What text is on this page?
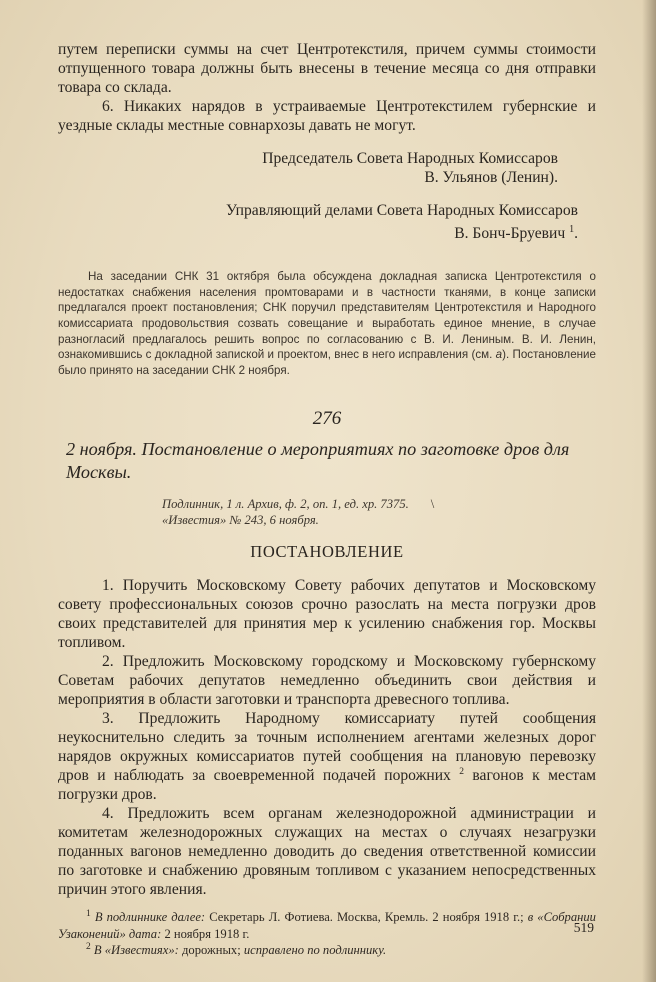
путем переписки суммы на счет Центротекстиля, причем суммы стоимости отпущенного товара должны быть внесены в течение месяца со дня отправки товара со склада.

6. Никаких нарядов в устраиваемые Центротекстилем губернские и уездные склады местные совнархозы давать не могут.

Председатель Совета Народных Комиссаров
В. Ульянов (Ленин).
Управляющий делами Совета Народных Комиссаров
В. Бонч-Бруевич $^1$.

На заседании СНК 31 октября была обсуждена докладная записка Центротекстиля о недостатках снабжения населения промтоварами и в частности тканями, в конце записки предлагался проект постановления; СНК поручил представителям Центротекстиля и Народного комиссариата продовольствия созвать совещание и выработать единое мнение, в случае разногласий предлагалось решить вопрос по согласованию с В. И. Лениным. В. И. Ленин, ознакомившись с докладной запиской и проектом, внес в него исправления (см. а). Постановление было принято на заседании СНК 2 ноября.

276

2 ноября. Постановление о мероприятиях по заготовке дров для Москвы.

Подлинник, 1 л. Архив, ф. 2, оп. 1, ед. хр. 7375. \
«Известия» № 243, 6 ноября.
ПОСТАНОВЛЕНИЕ

1. Поручить Московскому Совету рабочих депутатов и Московскому совету профессиональных союзов срочно разослать на места погрузки дров своих представителей для принятия мер к усилению снабжения гор. Москвы топливом.

2. Предложить Московскому городскому и Московскому губернскому Советам рабочих депутатов немедленно объединить свои действия и мероприятия в области заготовки и транспорта древесного топлива.

3. Предложить Народному комиссариату путей сообщения неукоснительно следить за точным исполнением агентами железных дорог нарядов окружных комиссариатов путей сообщения на плановую перевозку дров и наблюдать за своевременной подачей порожних $^2$ вагонов к местам погрузки дров.

4. Предложить всем органам железнодорожной администрации и комитетам железнодорожных служащих на местах о случаях незагрузки поданных вагонов немедленно доводить до сведения ответственной комиссии по заготовке и снабжению дровяным топливом с указанием непосредственных причин этого явления.

$^1$ В подлиннике далее: Секретарь Л. Фотиева. Москва, Кремль. 2 ноября 1918 г.; в «Собрании Узаконений» дата: 2 ноября 1918 г.

$^2$ В «Известиях»: дорожных; исправлено по подлиннику.

519
